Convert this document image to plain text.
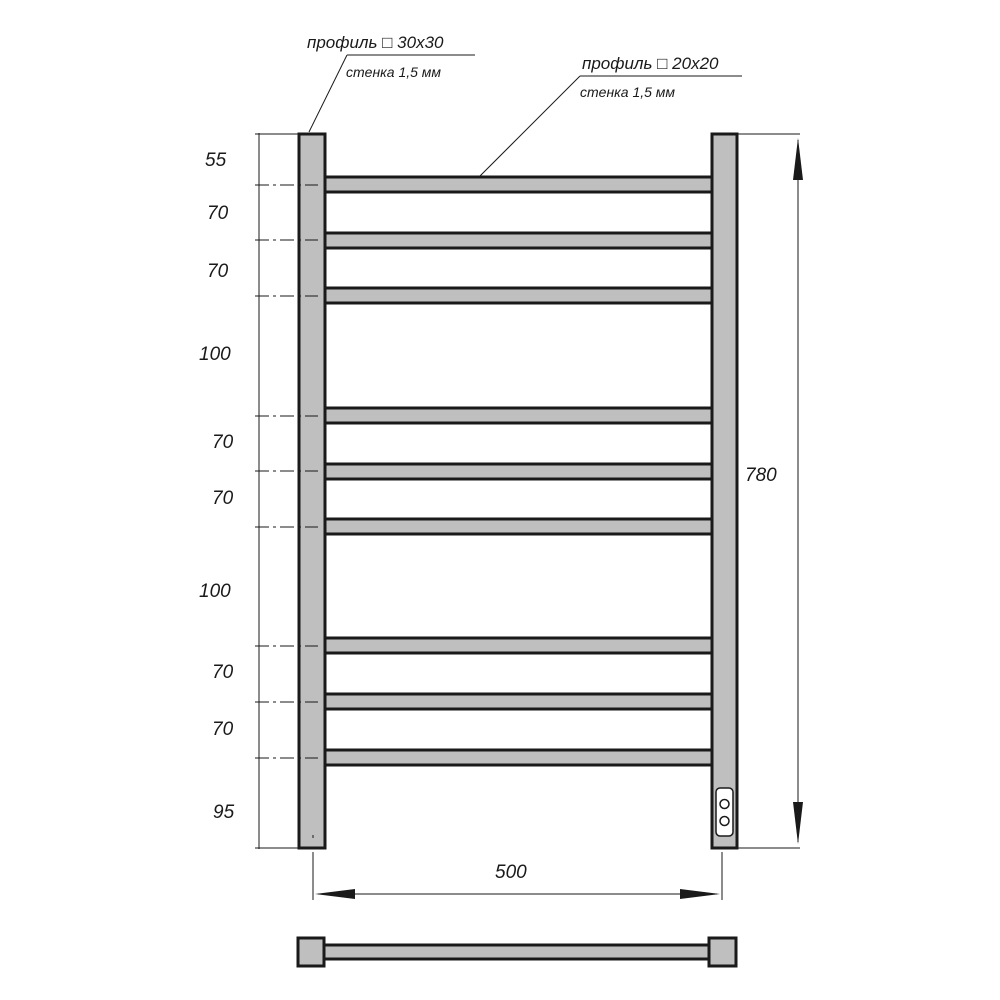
55
70
70
100
70
70
100
70
70
95
780
500
профиль □ 30x30
стенка 1,5 мм	профиль □ 20x20
стенка 1,5 мм
